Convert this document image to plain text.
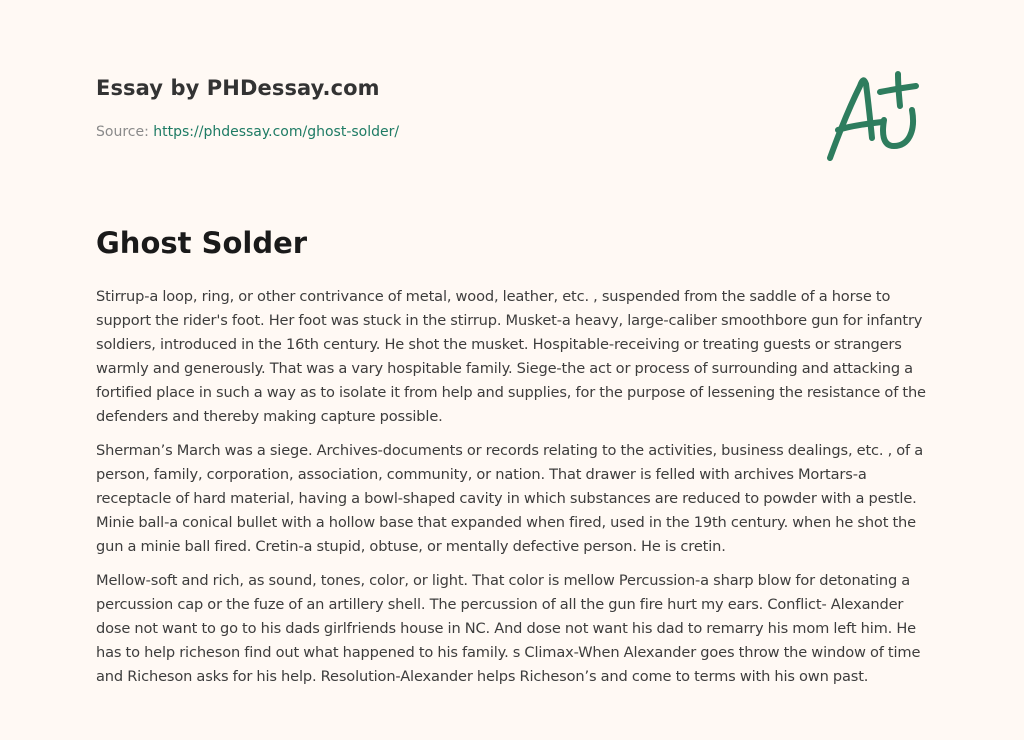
Essay by PHDessay.com
Source: https://phdessay.com/ghost-solder/
Ghost Solder

Stirrup-a loop, ring, or other contrivance of metal, wood, leather, etc. , suspended from the saddle of a horse to support the rider's foot. Her foot was stuck in the stirrup. Musket-a heavy, large-caliber smoothbore gun for infantry soldiers, introduced in the 16th century. He shot the musket. Hospitable-receiving or treating guests or strangers warmly and generously. That was a vary hospitable family. Siege-the act or process of surrounding and attacking a fortified place in such a way as to isolate it from help and supplies, for the purpose of lessening the resistance of the defenders and thereby making capture possible.

Sherman’s March was a siege. Archives-documents or records relating to the activities, business dealings, etc. , of a person, family, corporation, association, community, or nation. That drawer is felled with archives Mortars-a receptacle of hard material, having a bowl-shaped cavity in which substances are reduced to powder with a pestle. Minie ball-a conical bullet with a hollow base that expanded when fired, used in the 19th century. when he shot the gun a minie ball fired. Cretin-a stupid, obtuse, or mentally defective person. He is cretin.

Mellow-soft and rich, as sound, tones, color, or light. That color is mellow Percussion-a sharp blow for detonating a percussion cap or the fuze of an artillery shell. The percussion of all the gun fire hurt my ears. Conflict- Alexander dose not want to go to his dads girlfriends house in NC. And dose not want his dad to remarry his mom left him. He has to help richeson find out what happened to his family. s Climax-When Alexander goes throw the window of time and Richeson asks for his help. Resolution-Alexander helps Richeson’s and come to terms with his own past.
